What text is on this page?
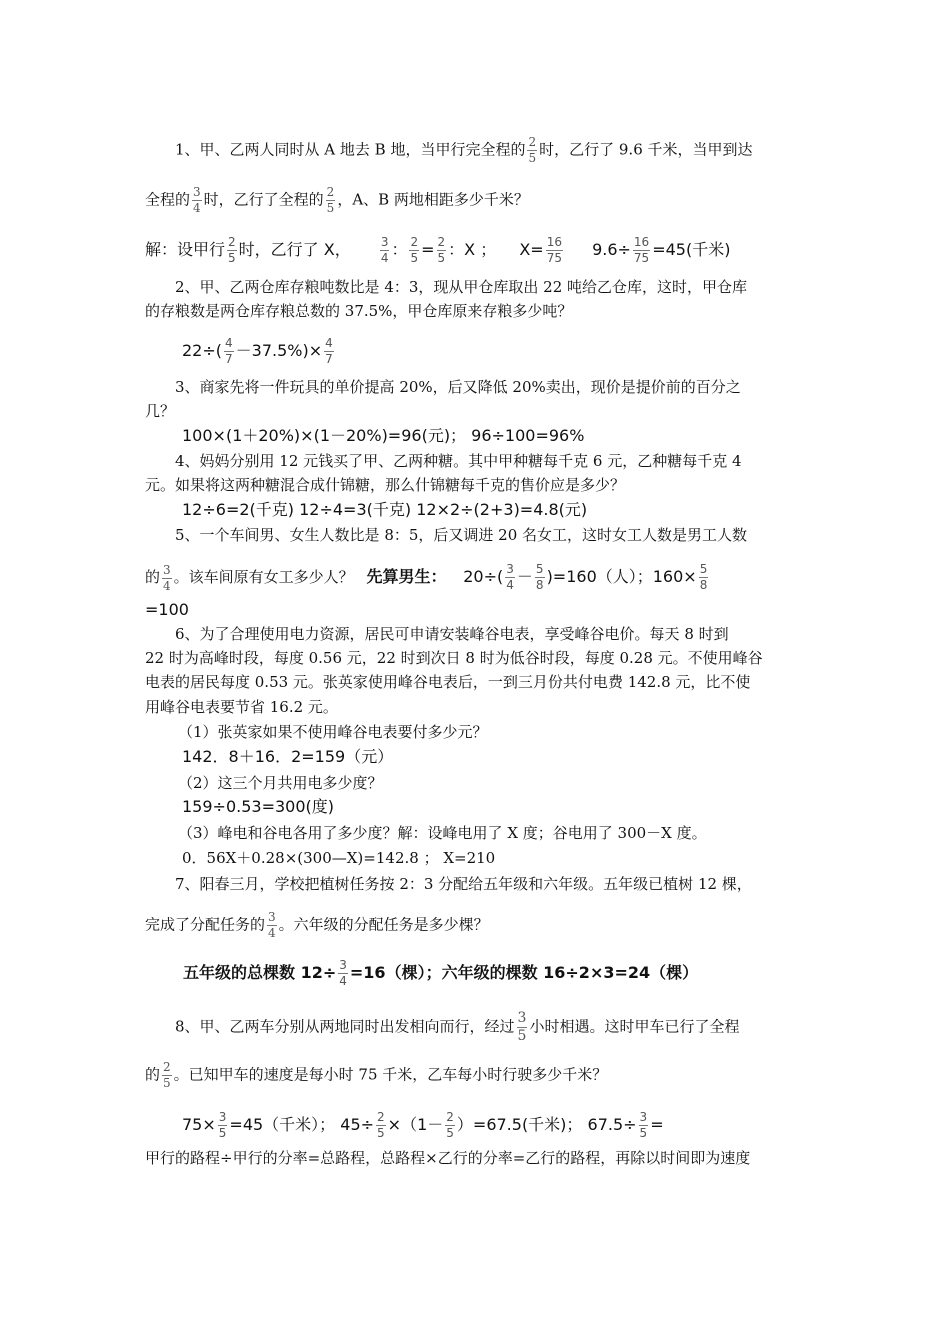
1、甲、乙两人同时从 A 地去 B 地，当甲行完全程的 $\frac{2}{5}$ 时，乙行了 9.6 千米，当甲到达
全程的 $\frac{3}{4}$ 时，乙行了全程的 $\frac{2}{5}$ ，A、B 两地相距多少千米？
解：设甲行 $\frac{2}{5}$ 时，乙行了 X， $\frac{3}{4}$ ： $\frac{2}{5} = \frac{2}{5}$ ：X ； $X= \frac{16}{75} 9.6\div \frac{16}{75} =45$(千米)
2、甲、乙两仓库存粮吨数比是 4：3，现从甲仓库取出 22 吨给乙仓库，这时，甲仓库
的存粮数是两仓库存粮总数的 37.5%，甲仓库原来存粮多少吨？
$22\div( \frac{4}{7} -37.5\%)\times \frac{4}{7}$
3、商家先将一件玩具的单价提高 20%，后又降低 20%卖出，现价是提价前的百分之
几？
100×(1＋20%)×(1－20%)=96(元)； 96÷100=96%
4、妈妈分别用 12 元钱买了甲、乙两种糖。其中甲种糖每千克 6 元，乙种糖每千克 4
元。如果将这两种糖混合成什锦糖，那么什锦糖每千克的售价应是多少？
12÷6=2(千克) 12÷4=3(千克) 12×2÷(2+3)=4.8(元)
5、一个车间男、女生人数比是 8：5，后又调进 20 名女工，这时女工人数是男工人数
的 $\frac{3}{4}$ 。该车间原有女工多少人？ 先算男生： $20\div( \frac{3}{4} - \frac{5}{8} )=160$（人）；$160\times \frac{5}{8}$
=100
6、为了合理使用电力资源，居民可申请安装峰谷电表，享受峰谷电价。每天 8 时到
22 时为高峰时段，每度 0.56 元，22 时到次日 8 时为低谷时段，每度 0.28 元。不使用峰谷
电表的居民每度 0.53 元。张英家使用峰谷电表后，一到三月份共付电费 142.8 元，比不使
用峰谷电表要节省 16.2 元。
（1）张英家如果不使用峰谷电表要付多少元？
142．8＋16．2=159（元）
（2）这三个月共用电多少度？
159÷0.53=300(度)
（3）峰电和谷电各用了多少度？解：设峰电用了 X 度；谷电用了 300－X 度。
0．56X＋0.28×(300—X)=142.8 ； X=210
7、阳春三月，学校把植树任务按 2：3 分配给五年级和六年级。五年级已植树 12 棵，
完成了分配任务的 $\frac{3}{4}$ 。六年级的分配任务是多少棵？
五年级的总棵数 $12\div \frac{3}{4} =16$（棵）；六年级的棵数 16÷2×3=24（棵）
8、甲、乙两车分别从两地同时出发相向而行，经过 $\frac{3}{5}$ 小时相遇。这时甲车已行了全程
的 $\frac{2}{5}$ 。已知甲车的速度是每小时 75 千米，乙车每小时行驶多少千米？
$75\times \frac{3}{5} =45$（千米）； $45\div \frac{2}{5} \times(1- \frac{2}{5} )=67.5$(千米)； $67.5\div \frac{3}{5}$ =
甲行的路程÷甲行的分率=总路程，总路程×乙行的分率=乙行的路程，再除以时间即为速度
